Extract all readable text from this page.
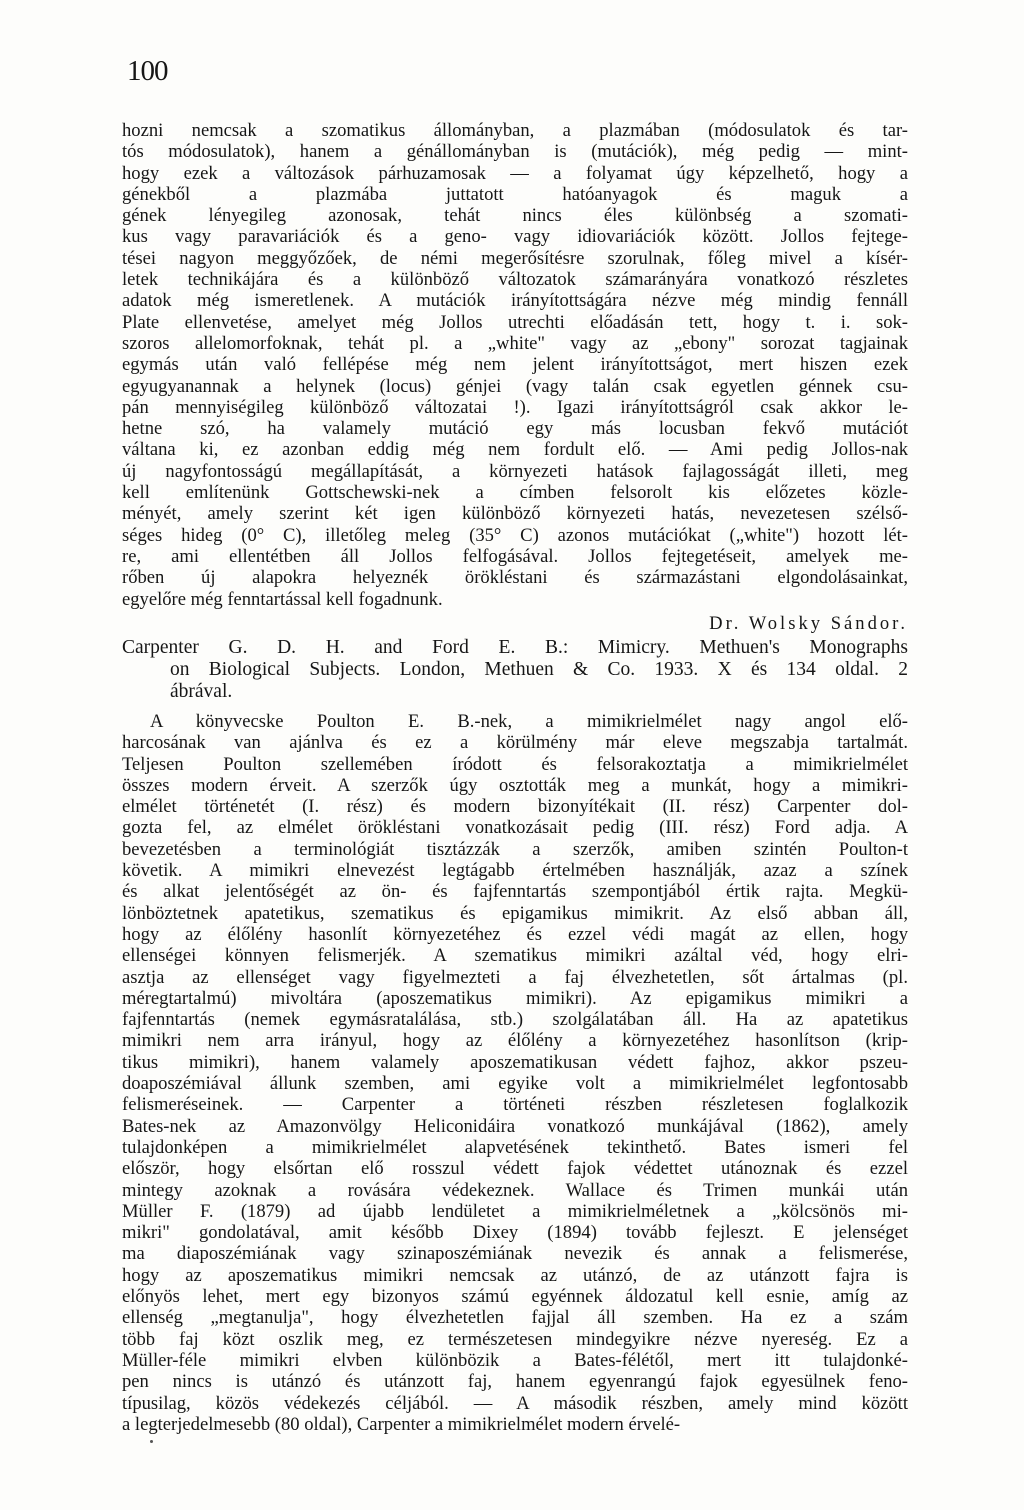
100
hozni nemcsak a szomatikus állományban, a plazmában (módosulatok és tar-
tós módosulatok), hanem a génállományban is (mutációk), még pedig — mint-
hogy ezek a változások párhuzamosak — a folyamat úgy képzelhető, hogy a
génekből a plazmába juttatott hatóanyagok és maguk a
gének lényegileg azonosak, tehát nincs éles különbség a szomati-
kus vagy paravariációk és a geno- vagy idiovariációk között. Jollos fejtege-
tései nagyon meggyőzőek, de némi megerősítésre szorulnak, főleg mivel a kísér-
letek technikájára és a különböző változatok számarányára vonatkozó részletes
adatok még ismeretlenek. A mutációk irányítottságára nézve még mindig fennáll
Plate ellenvetése, amelyet még Jollos utrechti előadásán tett, hogy t. i. sok-
szoros allelomorfoknak, tehát pl. a „white" vagy az „ebony" sorozat tagjainak
egymás után való fellépése még nem jelent irányítottságot, mert hiszen ezek
egyugyanannak a helynek (locus) génjei (vagy talán csak egyetlen génnek csu-
pán mennyiségileg különböző változatai !). Igazi irányítottságról csak akkor le-
hetne szó, ha valamely mutáció egy más locusban fekvő mutációt
váltana ki, ez azonban eddig még nem fordult elő. — Ami pedig Jollos-nak
új nagyfontosságú megállapítását, a környezeti hatások fajlagosságát illeti, meg
kell említenünk Gottschewski-nek a címben felsorolt kis előzetes közle-
ményét, amely szerint két igen különböző környezeti hatás, nevezetesen szélső-
séges hideg (0° C), illetőleg meleg (35° C) azonos mutációkat („white") hozott lét-
re, ami ellentétben áll Jollos felfogásával. Jollos fejtegetéseit, amelyek me-
rőben új alapokra helyeznék örökléstani és származástani elgondolásainkat,
egyelőre még fenntartással kell fogadnunk.
Dr. Wolsky Sándor.
Carpenter G. D. H. and Ford E. B.: Mimicry. Methuen's Monographs
on Biological Subjects. London, Methuen & Co. 1933. X és 134 oldal. 2
ábrával.
A könyvecske Poulton E. B.-nek, a mimikrielmélet nagy angol elő-
harcosának van ajánlva és ez a körülmény már eleve megszabja tartalmát.
Teljesen Poulton szellemében íródott és felsorakoztatja a mimikrielmélet
összes modern érveit. A szerzők úgy osztották meg a munkát, hogy a mimikri-
elmélet történetét (I. rész) és modern bizonyítékait (II. rész) Carpenter dol-
gozta fel, az elmélet örökléstani vonatkozásait pedig (III. rész) Ford adja. A
bevezetésben a terminológiát tisztázzák a szerzők, amiben szintén Poulton-t
követik. A mimikri elnevezést legtágabb értelmében használják, azaz a színek
és alkat jelentőségét az ön- és fajfenntartás szempontjából értik rajta. Megkü-
lönböztetnek apatetikus, szematikus és epigamikus mimikrit. Az első abban áll,
hogy az élőlény hasonlít környezetéhez és ezzel védi magát az ellen, hogy
ellenségei könnyen felismerjék. A szematikus mimikri azáltal véd, hogy elri-
asztja az ellenséget vagy figyelmezteti a faj élvezhetetlen, sőt ártalmas (pl.
méregtartalmú) mivoltára (aposzematikus mimikri). Az epigamikus mimikri a
fajfenntartás (nemek egymásratalálása, stb.) szolgálatában áll. Ha az apatetikus
mimikri nem arra irányul, hogy az élőlény a környezetéhez hasonlítson (krip-
tikus mimikri), hanem valamely aposzematikusan védett fajhoz, akkor pszeu-
doaposzémiával állunk szemben, ami egyike volt a mimikrielmélet legfontosabb
felismeréseinek. — Carpenter a történeti részben részletesen foglalkozik
Bates-nek az Amazonvölgy Heliconidáira vonatkozó munkájával (1862), amely
tulajdonképen a mimikrielmélet alapvetésének tekinthető. Bates ismeri fel
először, hogy elsőrtan elő rosszul védett fajok védettet utánoznak és ezzel
mintegy azoknak a rovására védekeznek. Wallace és Trimen munkái után
Müller F. (1879) ad újabb lendületet a mimikrielméletnek a „kölcsönös mi-
mikri" gondolatával, amit később Dixey (1894) tovább fejleszt. E jelenséget
ma diaposzémiának vagy szinaposzémiának nevezik és annak a felismerése,
hogy az aposzematikus mimikri nemcsak az utánzó, de az utánzott fajra is
előnyös lehet, mert egy bizonyos számú egyénnek áldozatul kell esnie, amíg az
ellenség „megtanulja", hogy élvezhetetlen fajjal áll szemben. Ha ez a szám
több faj közt oszlik meg, ez természetesen mindegyikre nézve nyereség. Ez a
Müller-féle mimikri elvben különbözik a Bates-félétől, mert itt tulajdonké-
pen nincs is utánzó és utánzott faj, hanem egyenrangú fajok egyesülnek feno-
típusilag, közös védekezés céljából. — A második részben, amely mind között
a legterjedelmesebb (80 oldal), Carpenter a mimikrielmélet modern érvelé-
